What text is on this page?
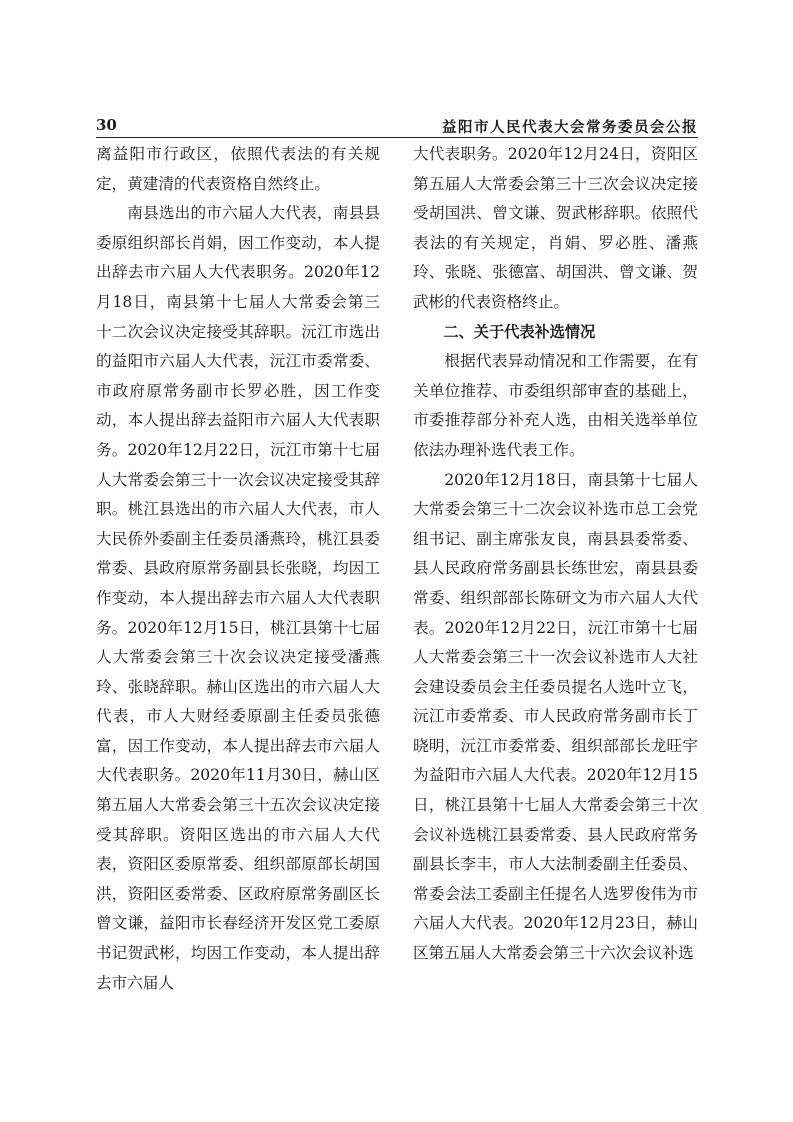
30	益阳市人民代表大会常务委员会公报

离益阳市行政区，依照代表法的有关规定，黄建清的代表资格自然终止。

南县选出的市六届人大代表，南县县委原组织部长肖娟，因工作变动，本人提出辞去市六届人大代表职务。2020年12月18日，南县第十七届人大常委会第三十二次会议决定接受其辞职。沅江市选出的益阳市六届人大代表，沅江市委常委、市政府原常务副市长罗必胜，因工作变动，本人提出辞去益阳市六届人大代表职务。2020年12月22日，沅江市第十七届人大常委会第三十一次会议决定接受其辞职。桃江县选出的市六届人大代表，市人大民侨外委副主任委员潘燕玲，桃江县委常委、县政府原常务副县长张晓，均因工作变动，本人提出辞去市六届人大代表职务。2020年12月15日，桃江县第十七届人大常委会第三十次会议决定接受潘燕玲、张晓辞职。赫山区选出的市六届人大代表，市人大财经委原副主任委员张德富，因工作变动，本人提出辞去市六届人大代表职务。2020年11月30日，赫山区第五届人大常委会第三十五次会议决定接受其辞职。资阳区选出的市六届人大代表，资阳区委原常委、组织部原部长胡国洪，资阳区委常委、区政府原常务副区长曾文谦，益阳市长春经济开发区党工委原书记贺武彬，均因工作变动，本人提出辞去市六届人

大代表职务。2020年12月24日，资阳区第五届人大常委会第三十三次会议决定接受胡国洪、曾文谦、贺武彬辞职。依照代表法的有关规定，肖娟、罗必胜、潘燕玲、张晓、张德富、胡国洪、曾文谦、贺武彬的代表资格终止。

二、关于代表补选情况

根据代表异动情况和工作需要，在有关单位推荐、市委组织部审查的基础上，市委推荐部分补充人选，由相关选举单位依法办理补选代表工作。

2020年12月18日，南县第十七届人大常委会第三十二次会议补选市总工会党组书记、副主席张友良，南县县委常委、县人民政府常务副县长练世宏，南县县委常委、组织部部长陈研文为市六届人大代表。2020年12月22日，沅江市第十七届人大常委会第三十一次会议补选市人大社会建设委员会主任委员提名人选叶立飞，沅江市委常委、市人民政府常务副市长丁晓明，沅江市委常委、组织部部长龙旺宇为益阳市六届人大代表。2020年12月15日，桃江县第十七届人大常委会第三十次会议补选桃江县委常委、县人民政府常务副县长李丰，市人大法制委副主任委员、常委会法工委副主任提名人选罗俊伟为市六届人大代表。2020年12月23日，赫山区第五届人大常委会第三十六次会议补选
